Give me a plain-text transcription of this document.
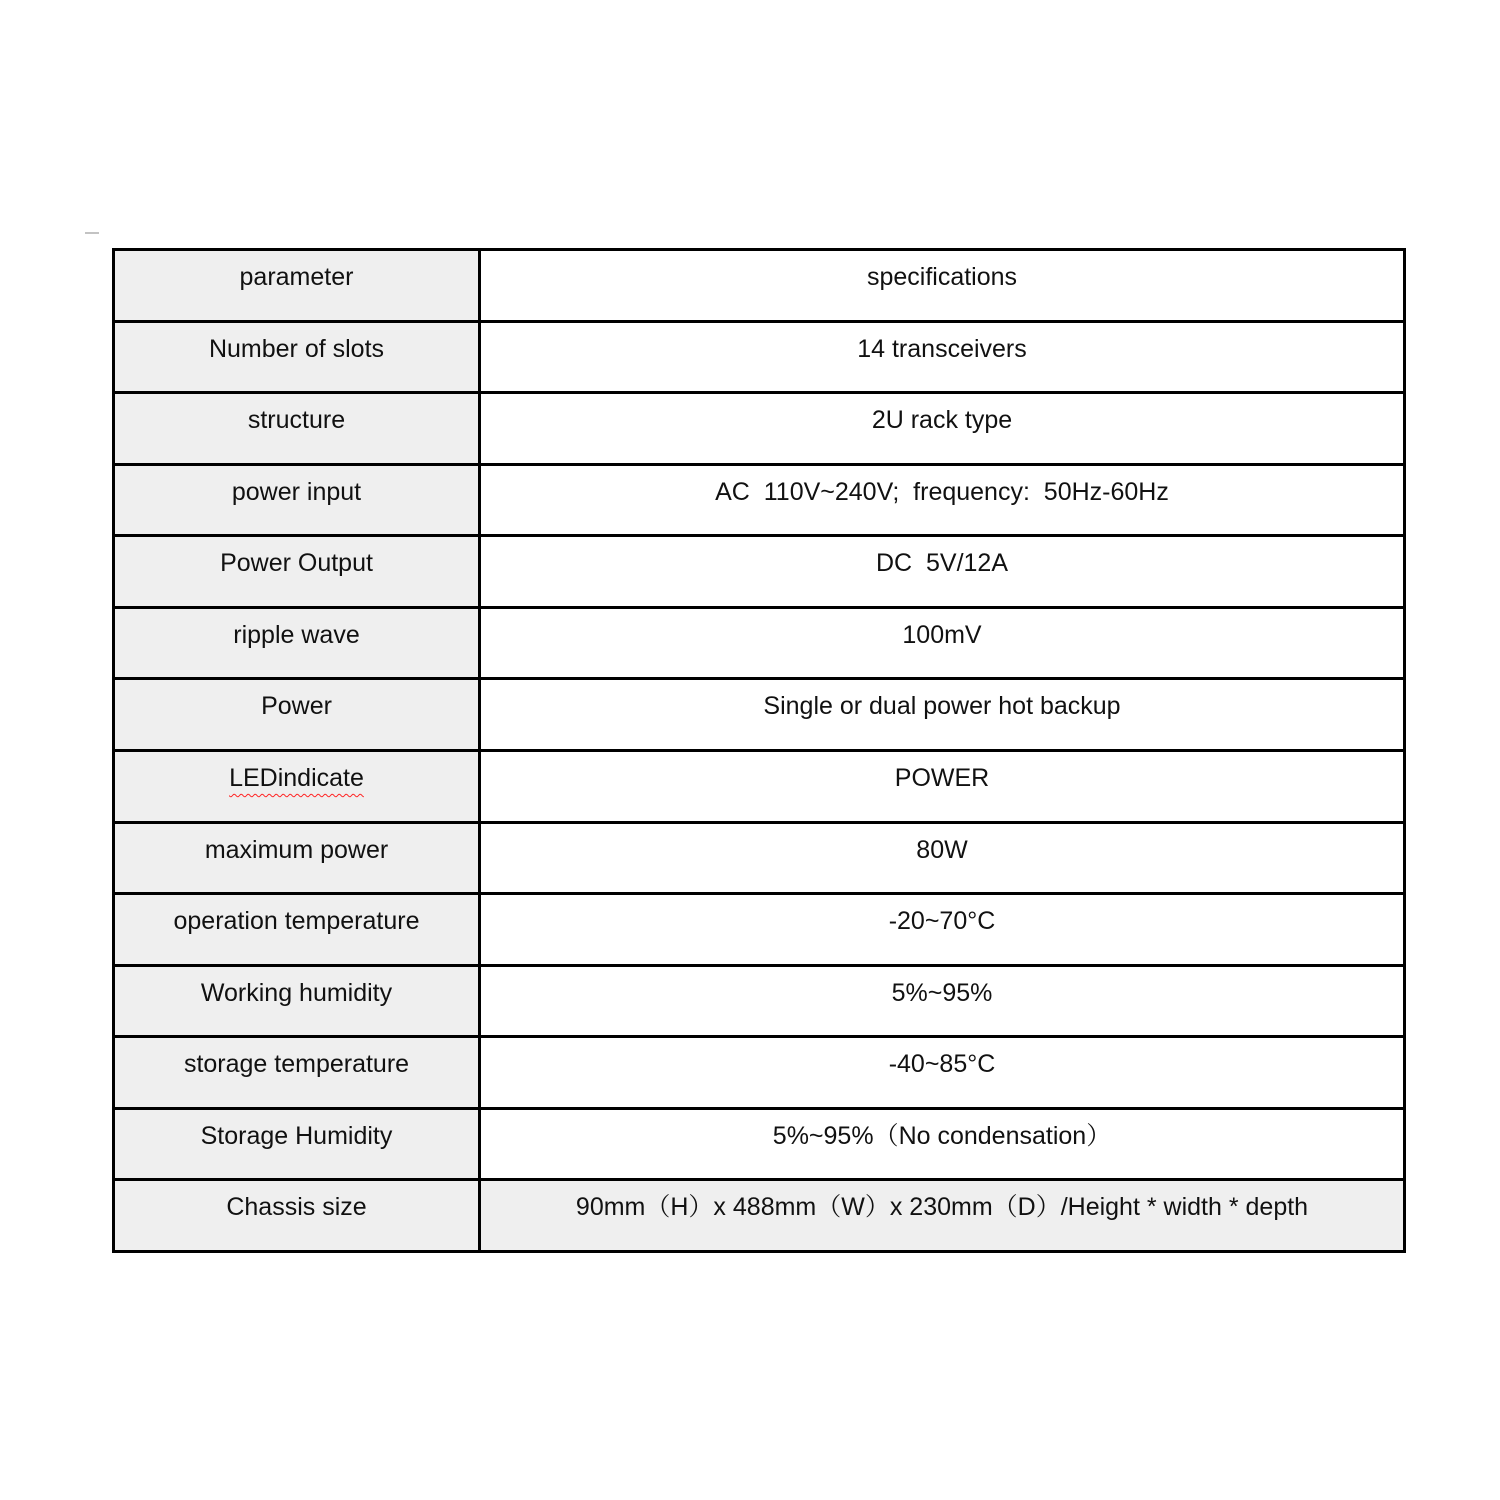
parameter	specifications
Number of slots	14 transceivers
structure	2U rack type
power input	AC  110V~240V;  frequency:  50Hz-60Hz
Power Output	DC  5V/12A
ripple wave	100mV
Power	Single or dual power hot backup
LEDindicate	POWER
maximum power	80W
operation temperature	-20~70°C
Working humidity	5%~95%
storage temperature	-40~85°C
Storage Humidity	5%~95%（No condensation）
Chassis size	90mm（H）x 488mm（W）x 230mm（D）/Height * width * depth
